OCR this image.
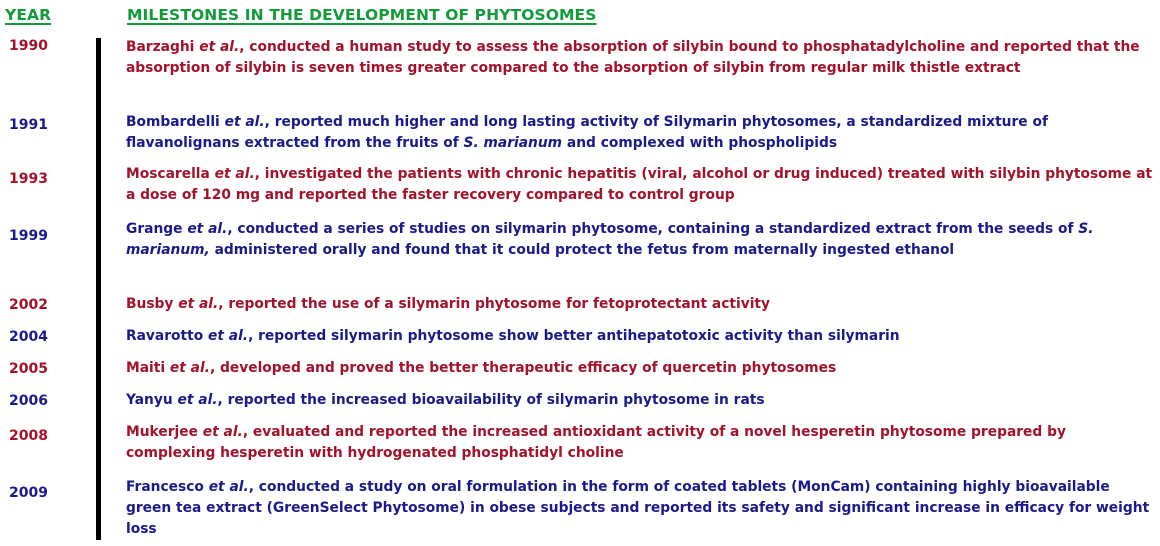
YEAR	MILESTONES IN THE DEVELOPMENT OF PHYTOSOMES
1990	Barzaghi et al., conducted a human study to assess the absorption of silybin bound to phosphatadylcholine and reported that the absorption of silybin is seven times greater compared to the absorption of silybin from regular milk thistle extract

1991	Bombardelli et al., reported much higher and long lasting activity of Silymarin phytosomes, a standardized mixture of flavanolignans extracted from the fruits of S. marianum and complexed with phospholipids

1993	Moscarella et al., investigated the patients with chronic hepatitis (viral, alcohol or drug induced) treated with silybin phytosome at a dose of 120 mg and reported the faster recovery compared to control group

1999	Grange et al., conducted a series of studies on silymarin phytosome, containing a standardized extract from the seeds of S. marianum, administered orally and found that it could protect the fetus from maternally ingested ethanol

2002	Busby et al., reported the use of a silymarin phytosome for fetoprotectant activity

2004	Ravarotto et al., reported silymarin phytosome show better antihepatotoxic activity than silymarin

2005	Maiti et al., developed and proved the better therapeutic efficacy of quercetin phytosomes

2006	Yanyu et al., reported the increased bioavailability of silymarin phytosome in rats

2008	Mukerjee et al., evaluated and reported the increased antioxidant activity of a novel hesperetin phytosome prepared by complexing hesperetin with hydrogenated phosphatidyl choline

2009	Francesco et al., conducted a study on oral formulation in the form of coated tablets (MonCam) containing highly bioavailable green tea extract (GreenSelect Phytosome) in obese subjects and reported its safety and significant increase in efficacy for weight loss
